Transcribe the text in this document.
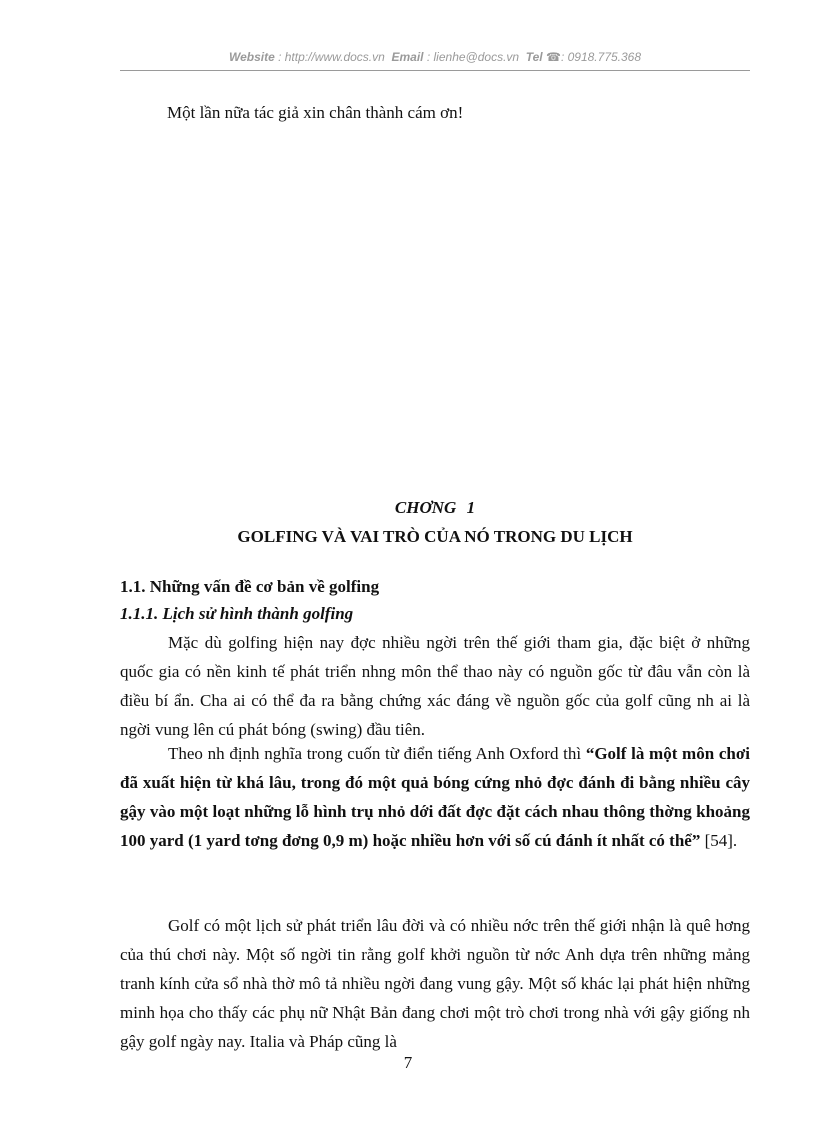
Website : http://www.docs.vn Email : lienhe@docs.vn Tel ☎: 0918.775.368
Một lần nữa tác giả xin chân thành cám ơn!
CHƠNG 1
GOLFING VÀ VAI TRÒ CỦA NÓ TRONG DU LỊCH
1.1. Những vấn đề cơ bản về golfing
1.1.1. Lịch sử hình thành golfing

Mặc dù golfing hiện nay đợc nhiều ngời trên thế giới tham gia, đặc biệt ở những quốc gia có nền kinh tế phát triển nhng môn thể thao này có nguồn gốc từ đâu vẫn còn là điều bí ẩn. Cha ai có thể đa ra bằng chứng xác đáng về nguồn gốc của golf cũng nh ai là ngời vung lên cú phát bóng (swing) đầu tiên.

Theo nh định nghĩa trong cuốn từ điển tiếng Anh Oxford thì “Golf là một môn chơi đã xuất hiện từ khá lâu, trong đó một quả bóng cứng nhỏ đợc đánh đi bằng nhiều cây gậy vào một loạt những lỗ hình trụ nhỏ dới đất đợc đặt cách nhau thông thờng khoảng 100 yard (1 yard tơng đơng 0,9 m) hoặc nhiều hơn với số cú đánh ít nhất có thể” [54].

Golf có một lịch sử phát triển lâu đời và có nhiều nớc trên thế giới nhận là quê hơng của thú chơi này. Một số ngời tin rằng golf khởi nguồn từ nớc Anh dựa trên những mảng tranh kính cửa sổ nhà thờ mô tả nhiều ngời đang vung gậy. Một số khác lại phát hiện những minh họa cho thấy các phụ nữ Nhật Bản đang chơi một trò chơi trong nhà với gậy giống nh gậy golf ngày nay. Italia và Pháp cũng là

7
